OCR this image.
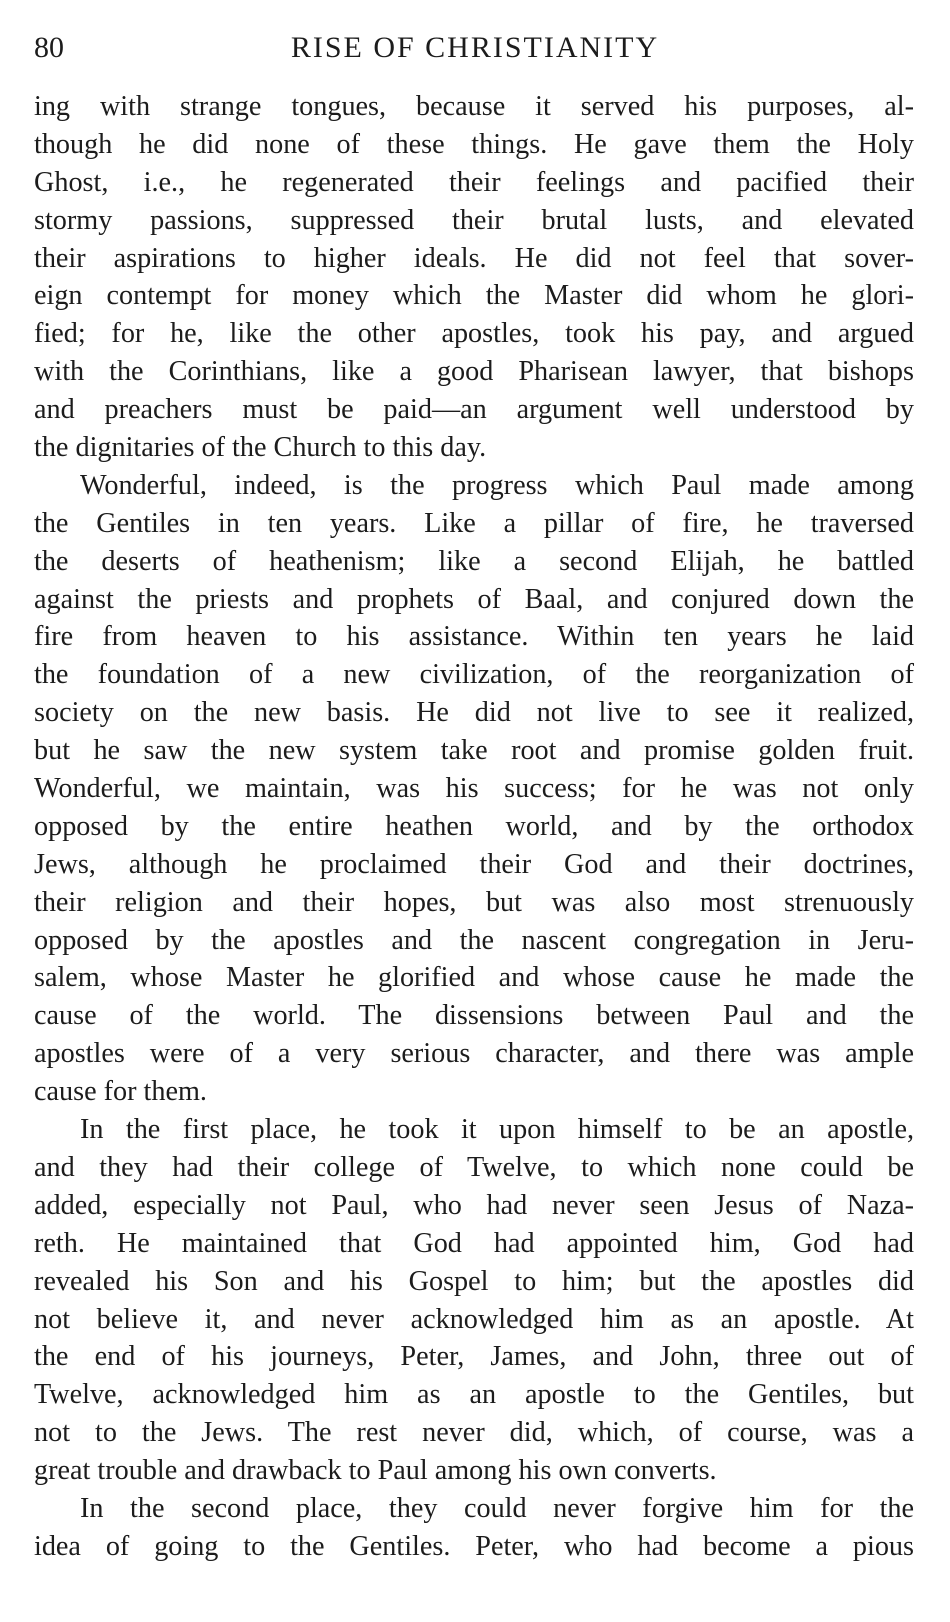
80	RISE OF CHRISTIANITY
ing with strange tongues, because it served his purposes, al-
though he did none of these things. He gave them the Holy
Ghost, i.e., he regenerated their feelings and pacified their
stormy passions, suppressed their brutal lusts, and elevated
their aspirations to higher ideals. He did not feel that sover-
eign contempt for money which the Master did whom he glori-
fied; for he, like the other apostles, took his pay, and argued
with the Corinthians, like a good Pharisean lawyer, that bishops
and preachers must be paid—an argument well understood by
the dignitaries of the Church to this day.
Wonderful, indeed, is the progress which Paul made among
the Gentiles in ten years. Like a pillar of fire, he traversed
the deserts of heathenism; like a second Elijah, he battled
against the priests and prophets of Baal, and conjured down the
fire from heaven to his assistance. Within ten years he laid
the foundation of a new civilization, of the reorganization of
society on the new basis. He did not live to see it realized,
but he saw the new system take root and promise golden fruit.
Wonderful, we maintain, was his success; for he was not only
opposed by the entire heathen world, and by the orthodox
Jews, although he proclaimed their God and their doctrines,
their religion and their hopes, but was also most strenuously
opposed by the apostles and the nascent congregation in Jeru-
salem, whose Master he glorified and whose cause he made the
cause of the world. The dissensions between Paul and the
apostles were of a very serious character, and there was ample
cause for them.
In the first place, he took it upon himself to be an apostle,
and they had their college of Twelve, to which none could be
added, especially not Paul, who had never seen Jesus of Naza-
reth. He maintained that God had appointed him, God had
revealed his Son and his Gospel to him; but the apostles did
not believe it, and never acknowledged him as an apostle. At
the end of his journeys, Peter, James, and John, three out of
Twelve, acknowledged him as an apostle to the Gentiles, but
not to the Jews. The rest never did, which, of course, was a
great trouble and drawback to Paul among his own converts.
In the second place, they could never forgive him for the
idea of going to the Gentiles. Peter, who had become a pious
